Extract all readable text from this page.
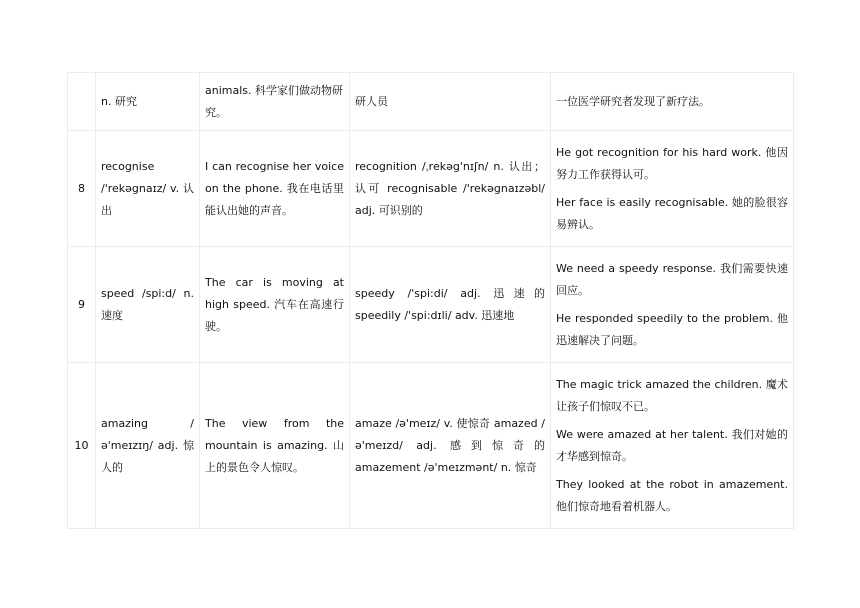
	n. 研究	animals. 科学家们做动物研究。	研人员	一位医学研究者发现了新疗法。

8	recognise /'rekəgnaɪz/ v. 认出	I can recognise her voice on the phone. 我在电话里能认出她的声音。	recognition /ˌrekəg'nɪʃn/ n. 认出；认可 recognisable /'rekəgnaɪzəbl/ adj. 可识别的	He got recognition for his hard work. 他因努力工作获得认可。
Her face is easily recognisable. 她的脸很容易辨认。

9	speed /spi:d/ n. 速度	The car is moving at high speed. 汽车在高速行驶。	speedy /'spi:di/ adj. 迅速的 speedily /'spi:dɪli/ adv. 迅速地	We need a speedy response. 我们需要快速回应。
He responded speedily to the problem. 他迅速解决了问题。

10	amazing /ə'meɪzɪŋ/ adj. 惊人的	The view from the mountain is amazing. 山上的景色令人惊叹。	amaze /ə'meɪz/ v. 使惊奇 amazed /ə'meɪzd/ adj. 感到惊奇的 amazement /ə'meɪzmənt/ n. 惊奇	The magic trick amazed the children. 魔术让孩子们惊叹不已。
We were amazed at her talent. 我们对她的才华感到惊奇。
They looked at the robot in amazement. 他们惊奇地看着机器人。
